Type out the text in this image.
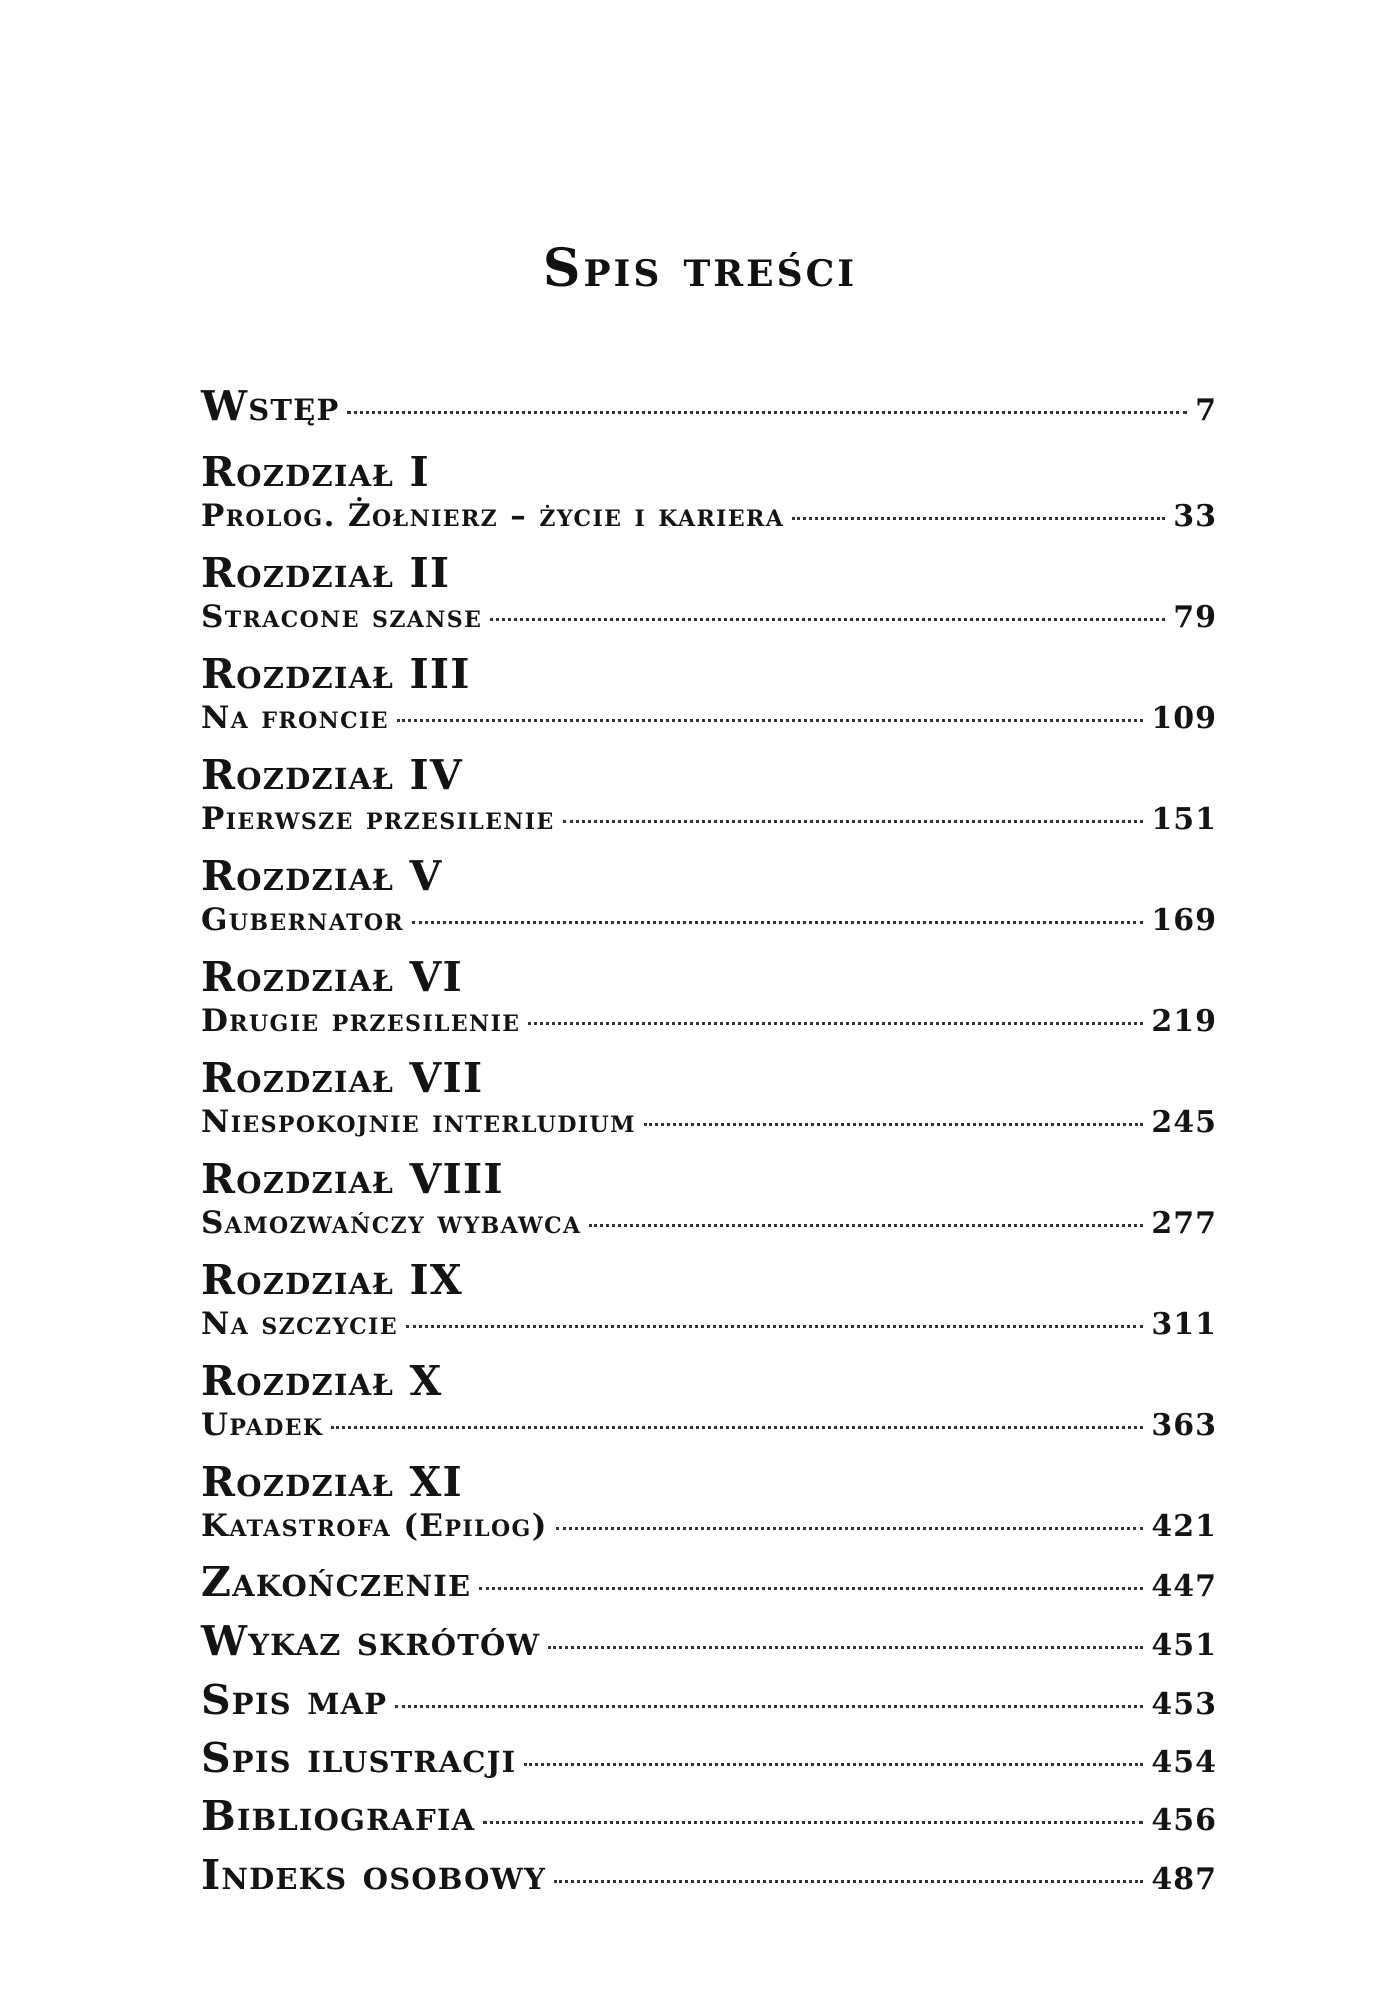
Spis treści
Wstęp	7
Rozdział I
Prolog. Żołnierz – życie i kariera	33
Rozdział II
Stracone szanse	79
Rozdział III
Na froncie	109
Rozdział IV
Pierwsze przesilenie	151
Rozdział V
Gubernator	169
Rozdział VI
Drugie przesilenie	219
Rozdział VII
Niespokojnie interludium	245
Rozdział VIII
Samozwańczy wybawca	277
Rozdział IX
Na szczycie	311
Rozdział X
Upadek	363
Rozdział XI
Katastrofa (Epilog)	421
Zakończenie	447
Wykaz skrótów	451
Spis map	453
Spis ilustracji	454
Bibliografia	456
Indeks osobowy	487
